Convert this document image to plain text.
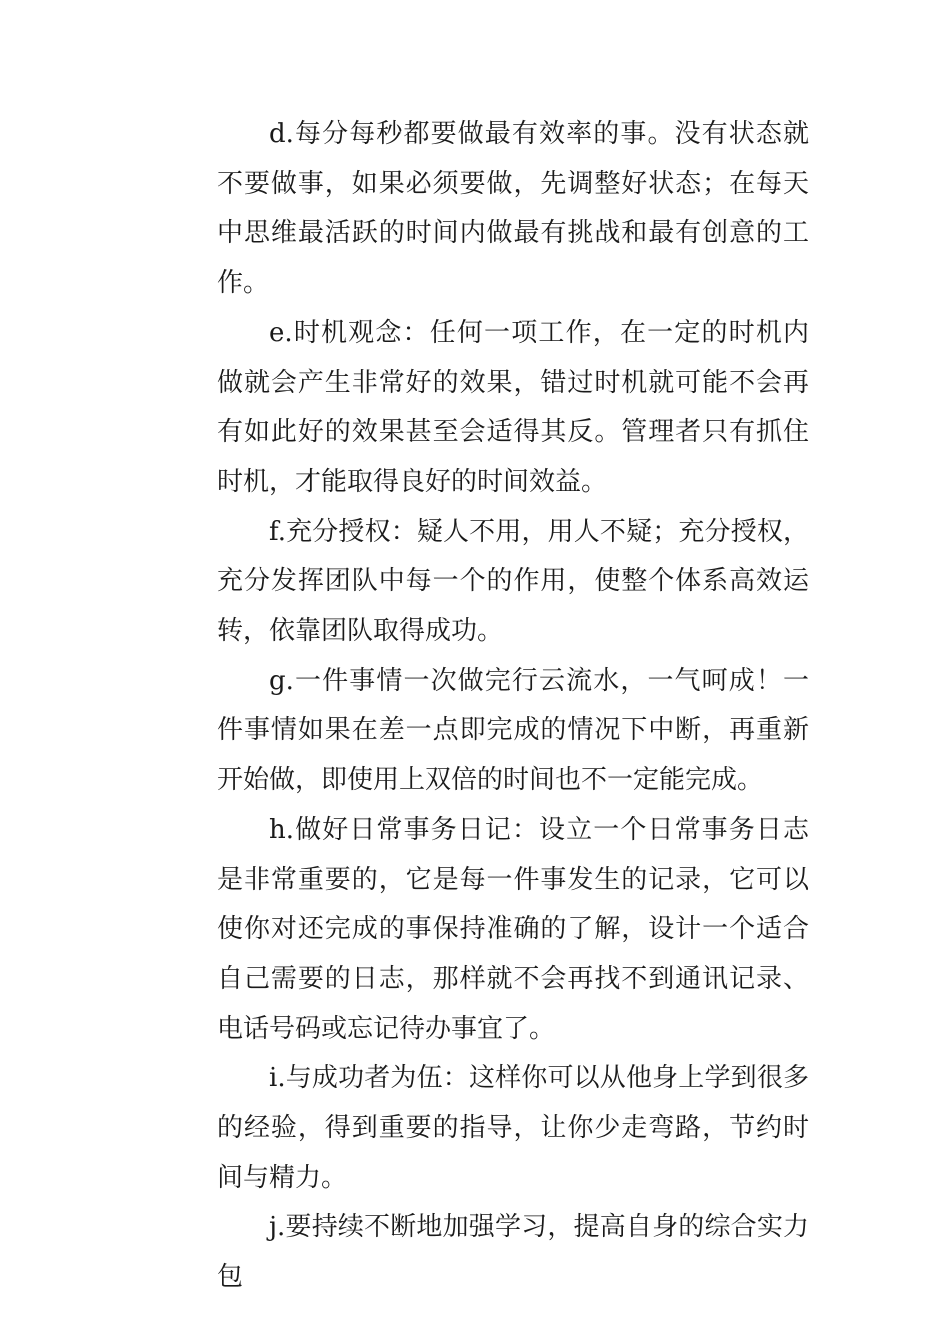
d.每分每秒都要做最有效率的事。没有状态就不要做事，如果必须要做，先调整好状态；在每天中思维最活跃的时间内做最有挑战和最有创意的工作。

e.时机观念：任何一项工作，在一定的时机内做就会产生非常好的效果，错过时机就可能不会再有如此好的效果甚至会适得其反。管理者只有抓住时机，才能取得良好的时间效益。

f.充分授权：疑人不用，用人不疑；充分授权，充分发挥团队中每一个的作用，使整个体系高效运转，依靠团队取得成功。

g.一件事情一次做完行云流水，一气呵成！一件事情如果在差一点即完成的情况下中断，再重新开始做，即使用上双倍的时间也不一定能完成。

h.做好日常事务日记：设立一个日常事务日志是非常重要的，它是每一件事发生的记录，它可以使你对还完成的事保持准确的了解，设计一个适合自己需要的日志，那样就不会再找不到通讯记录、电话号码或忘记待办事宜了。

i.与成功者为伍：这样你可以从他身上学到很多的经验，得到重要的指导，让你少走弯路，节约时间与精力。

j.要持续不断地加强学习，提高自身的综合实力包
